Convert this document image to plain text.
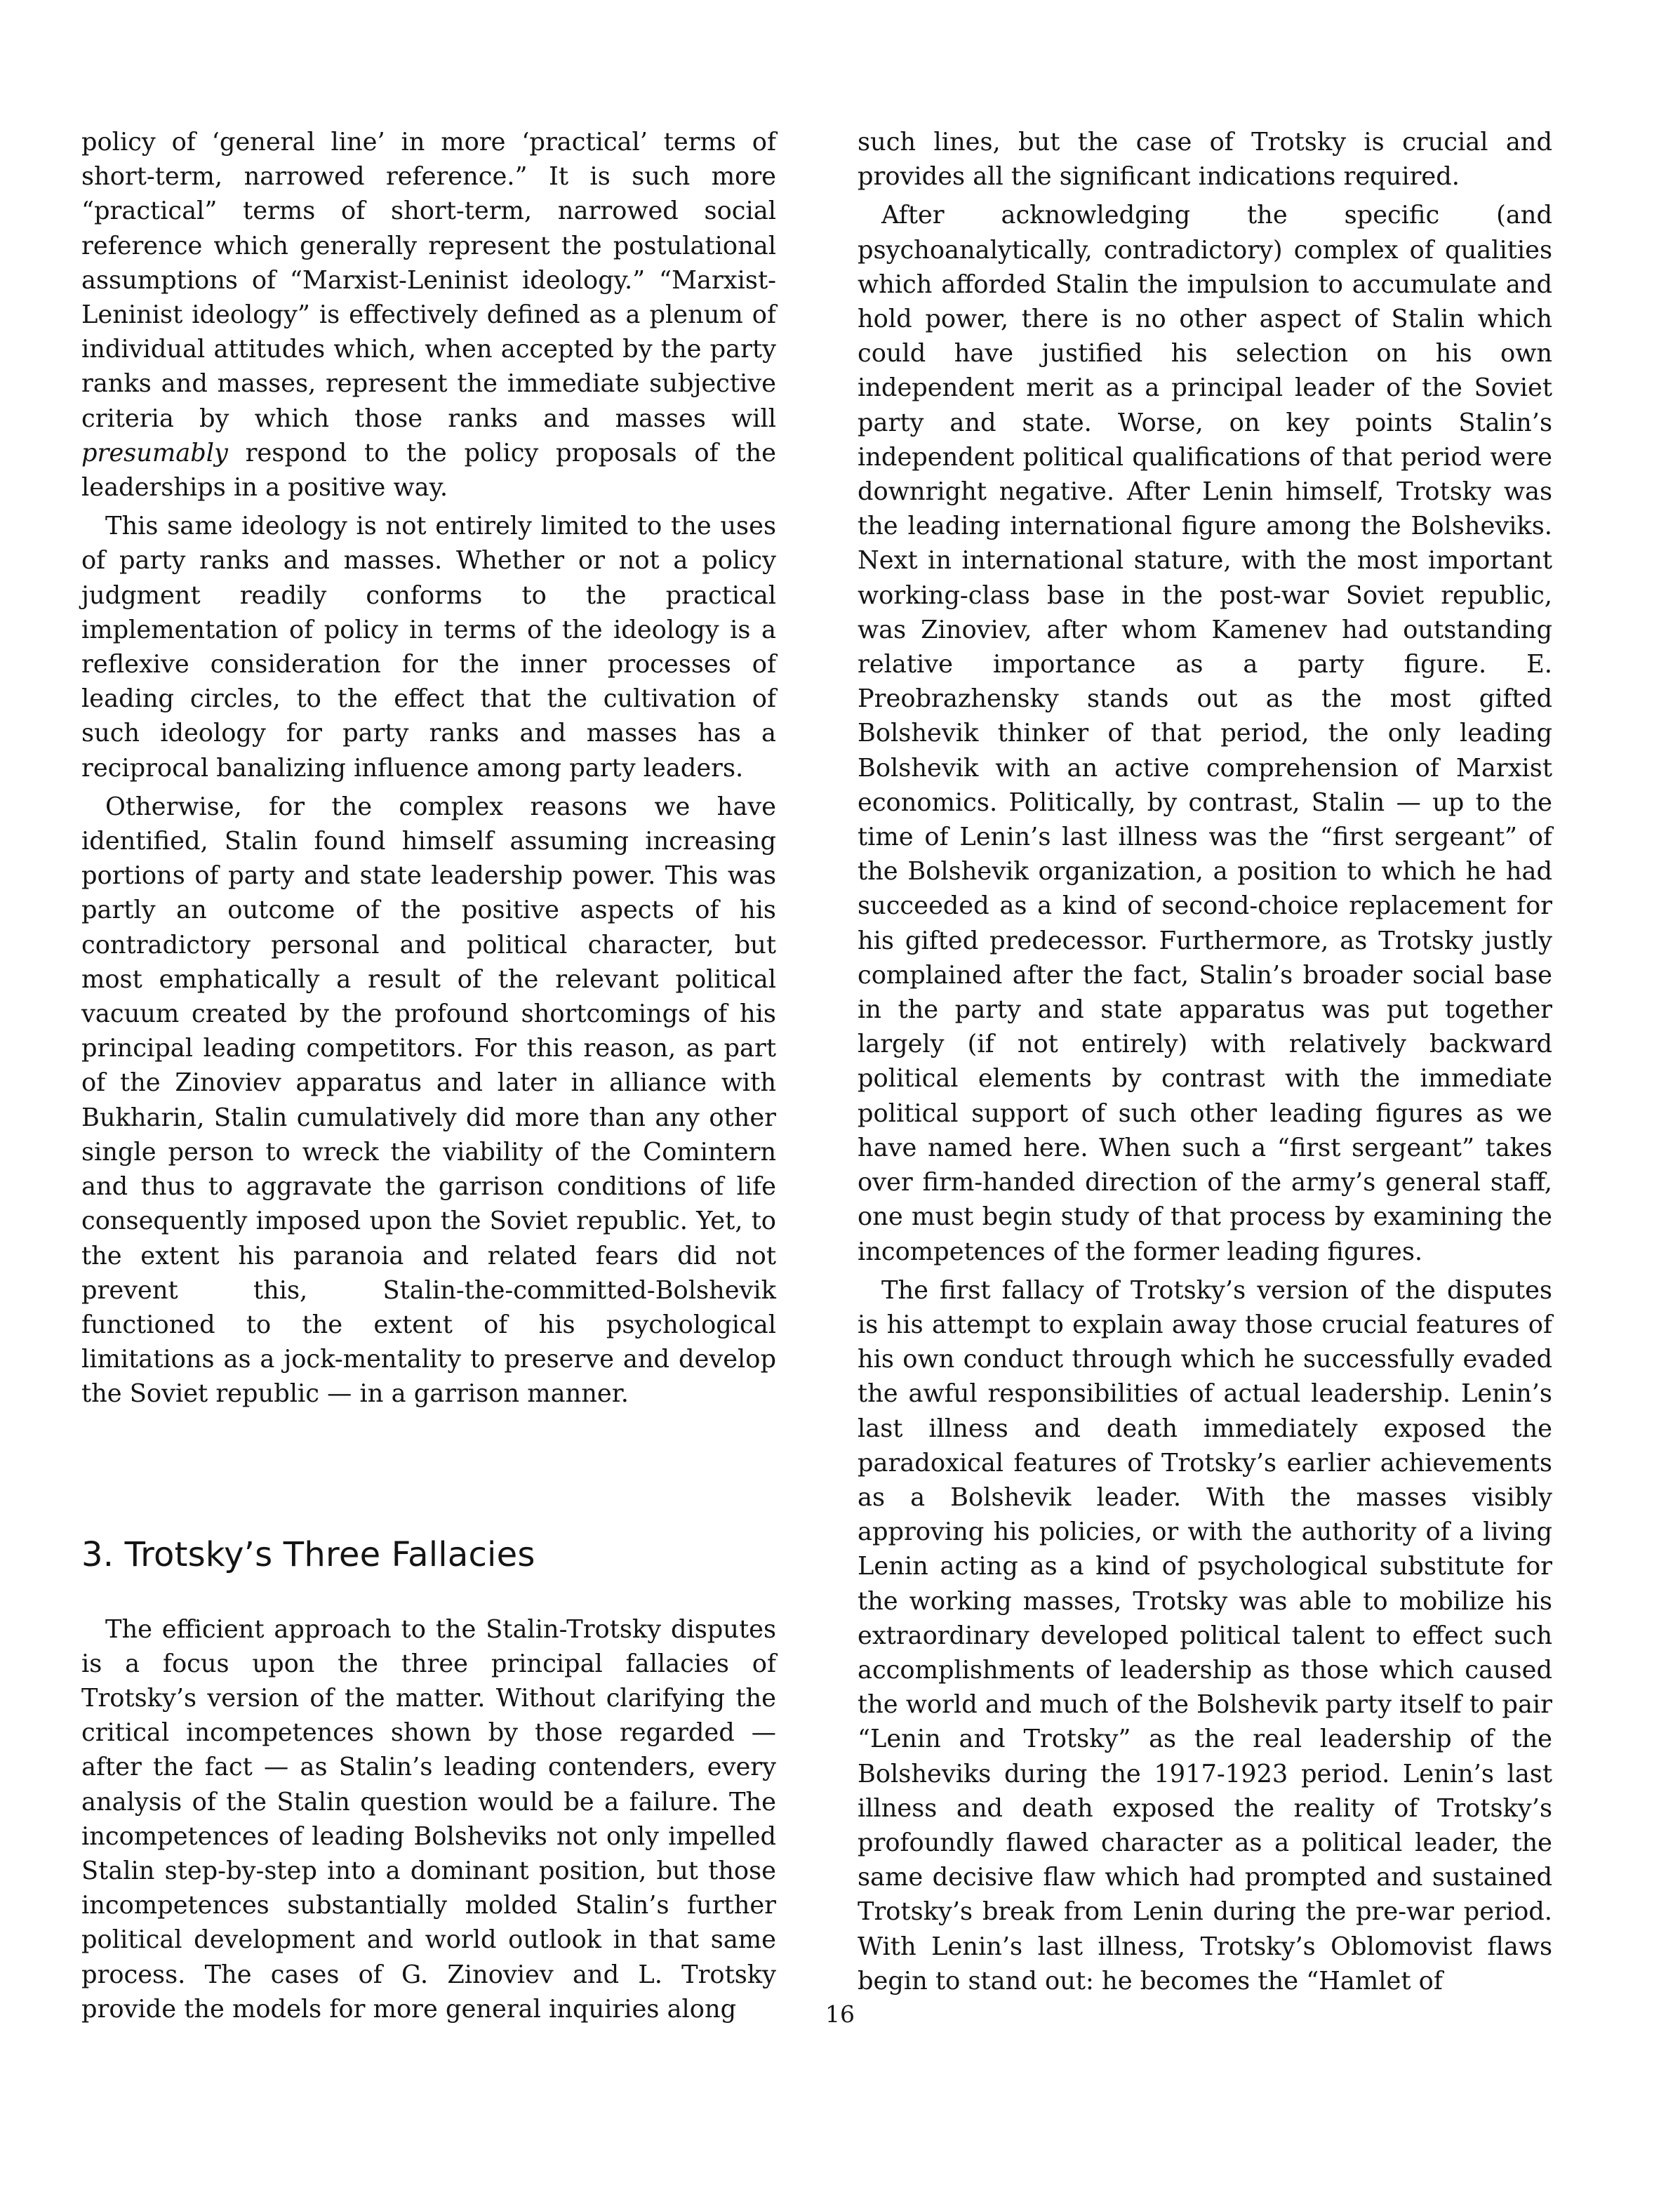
policy of ‘general line’ in more ‘practical’ terms of short-term, narrowed reference.” It is such more “practical” terms of short-term, narrowed social reference which generally represent the postulational assumptions of “Marxist-Leninist ideology.” “Marxist-Leninist ideology” is effectively defined as a plenum of individual attitudes which, when accepted by the party ranks and masses, represent the immediate subjective criteria by which those ranks and masses will presumably respond to the policy proposals of the leaderships in a positive way.

This same ideology is not entirely limited to the uses of party ranks and masses. Whether or not a policy judgment readily conforms to the practical implementation of policy in terms of the ideology is a reflexive consideration for the inner processes of leading circles, to the effect that the cultivation of such ideology for party ranks and masses has a reciprocal banalizing influence among party leaders.

Otherwise, for the complex reasons we have identified, Stalin found himself assuming increasing portions of party and state leadership power. This was partly an outcome of the positive aspects of his contradictory personal and political character, but most emphatically a result of the relevant political vacuum created by the profound shortcomings of his principal leading competitors. For this reason, as part of the Zinoviev apparatus and later in alliance with Bukharin, Stalin cumulatively did more than any other single person to wreck the viability of the Comintern and thus to aggravate the garrison conditions of life consequently imposed upon the Soviet republic. Yet, to the extent his paranoia and related fears did not prevent this, Stalin-the-committed-Bolshevik functioned to the extent of his psychological limitations as a jock-mentality to preserve and develop the Soviet republic — in a garrison manner.

3. Trotsky’s Three Fallacies

The efficient approach to the Stalin-Trotsky disputes is a focus upon the three principal fallacies of Trotsky’s version of the matter. Without clarifying the critical incompetences shown by those regarded — after the fact — as Stalin’s leading contenders, every analysis of the Stalin question would be a failure. The incompetences of leading Bolsheviks not only impelled Stalin step-by-step into a dominant position, but those incompetences substantially molded Stalin’s further political development and world outlook in that same process. The cases of G. Zinoviev and L. Trotsky provide the models for more general inquiries along

such lines, but the case of Trotsky is crucial and provides all the significant indications required.

After acknowledging the specific (and psychoanalytically, contradictory) complex of qualities which afforded Stalin the impulsion to accumulate and hold power, there is no other aspect of Stalin which could have justified his selection on his own independent merit as a principal leader of the Soviet party and state. Worse, on key points Stalin’s independent political qualifications of that period were downright negative. After Lenin himself, Trotsky was the leading international figure among the Bolsheviks. Next in international stature, with the most important working-class base in the post-war Soviet republic, was Zinoviev, after whom Kamenev had outstanding relative importance as a party figure. E. Preobrazhensky stands out as the most gifted Bolshevik thinker of that period, the only leading Bolshevik with an active comprehension of Marxist economics. Politically, by contrast, Stalin — up to the time of Lenin’s last illness was the “first sergeant” of the Bolshevik organization, a position to which he had succeeded as a kind of second-choice replacement for his gifted predecessor. Furthermore, as Trotsky justly complained after the fact, Stalin’s broader social base in the party and state apparatus was put together largely (if not entirely) with relatively backward political elements by contrast with the immediate political support of such other leading figures as we have named here. When such a “first sergeant” takes over firm-handed direction of the army’s general staff, one must begin study of that process by examining the incompetences of the former leading figures.

The first fallacy of Trotsky’s version of the disputes is his attempt to explain away those crucial features of his own conduct through which he successfully evaded the awful responsibilities of actual leadership. Lenin’s last illness and death immediately exposed the paradoxical features of Trotsky’s earlier achievements as a Bolshevik leader. With the masses visibly approving his policies, or with the authority of a living Lenin acting as a kind of psychological substitute for the working masses, Trotsky was able to mobilize his extraordinary developed political talent to effect such accomplishments of leadership as those which caused the world and much of the Bolshevik party itself to pair “Lenin and Trotsky” as the real leadership of the Bolsheviks during the 1917-1923 period. Lenin’s last illness and death exposed the reality of Trotsky’s profoundly flawed character as a political leader, the same decisive flaw which had prompted and sustained Trotsky’s break from Lenin during the pre-war period. With Lenin’s last illness, Trotsky’s Oblomovist flaws begin to stand out: he becomes the “Hamlet of

16
